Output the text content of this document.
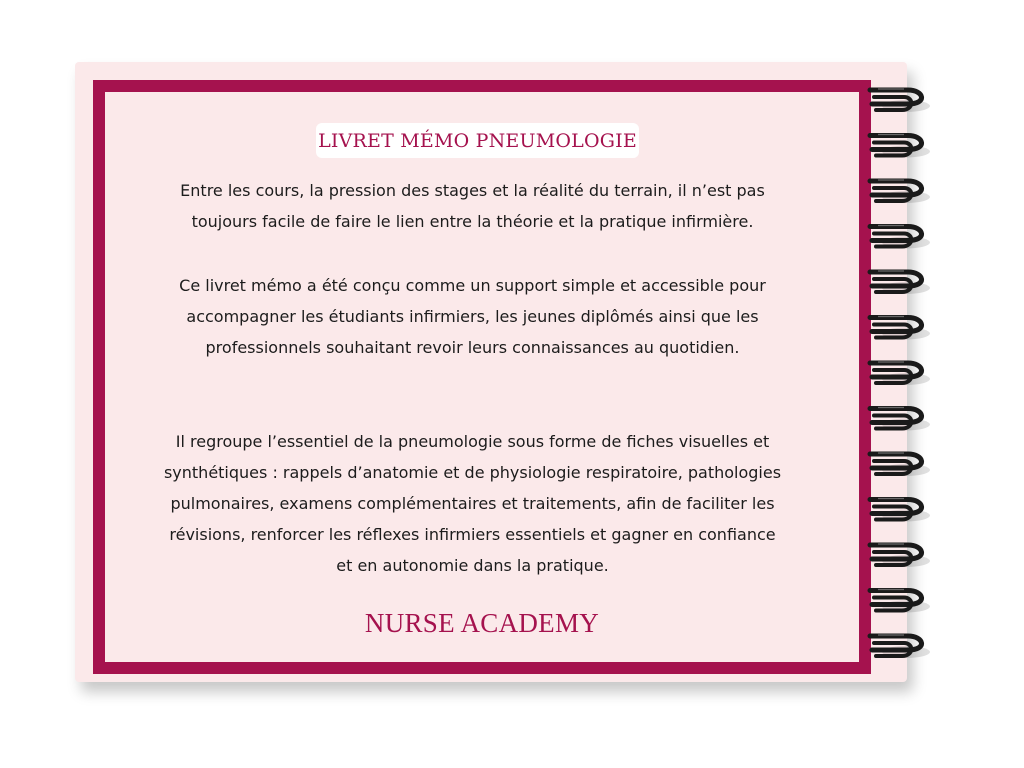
LIVRET MÉMO PNEUMOLOGIE

Entre les cours, la pression des stages et la réalité du terrain, il n’est pas toujours facile de faire le lien entre la théorie et la pratique infirmière.

Ce livret mémo a été conçu comme un support simple et accessible pour accompagner les étudiants infirmiers, les jeunes diplômés ainsi que les professionnels souhaitant revoir leurs connaissances au quotidien.

Il regroupe l’essentiel de la pneumologie sous forme de fiches visuelles et synthétiques : rappels d’anatomie et de physiologie respiratoire, pathologies pulmonaires, examens complémentaires et traitements, afin de faciliter les révisions, renforcer les réflexes infirmiers essentiels et gagner en confiance et en autonomie dans la pratique.

NURSE ACADEMY
